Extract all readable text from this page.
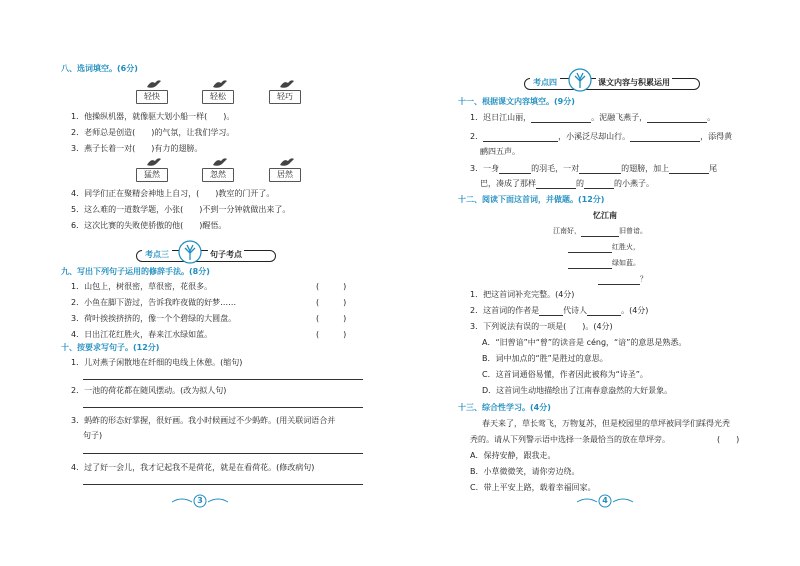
八、选词填空。(6分)
轻快	轻松	轻巧
1．他操纵机器，就像驱大划小船一样(　　)。
2．老师总是创造(　　)的气氛，让我们学习。
3．燕子长着一对(　　)有力的翅膀。
猛然	忽然	居然
4．同学们正在聚精会神地上自习，(　　)教室的门开了。
5．这么难的一道数学题，小张(　　)不到一分钟就做出来了。
6．这次比赛的失败使骄傲的他(　　)醒悟。
考点三	句子考点
九、写出下列句子运用的修辞手法。(8分)
1．山包上，树很密，草很密，花很多。	(　　　)
2．小鱼在脚下游过，告诉我昨夜做的好梦……	(　　　)
3．荷叶挨挨挤挤的，像一个个碧绿的大圆盘。	(　　　)
4．日出江花红胜火，春来江水绿如蓝。	(　　　)
十、按要求写句子。(12分)
1．儿对燕子闲散地在纤细的电线上休憩。(缩句)
2．一池的荷花都在随风摆动。(改为拟人句)
3．蚂蚱的形态好掌握，很好画。我小时候画过不少蚂蚱。(用关联词语合并
句子)
4．过了好一会儿，我才记起我不是荷花，就是在看荷花。(修改病句)
3
考点四	课文内容与积累运用
十一、根据课文内容填空。(9分)
1．迟日江山丽，	。泥融飞燕子，	。
2．	，小溪泛尽却山行。	，添得黄
鹂四五声。
3．一身	的羽毛，一对	的翅膀，加上	尾
巴，凑成了那样	的	的小燕子。
十二、阅读下面这首词，并做题。(12分)
忆江南
江南好，	旧曾谙。
红胜火，
绿如蓝。
？
1．把这首词补充完整。(4分)
2．这首词的作者是	代诗人	。(4分)
3．下列说法有误的一项是(　　)。(4分)
A．“旧曾谙”中“曾”的读音是 cénɡ，“谙”的意思是熟悉。
B．词中加点的“胜”是胜过的意思。
C．这首词通俗易懂，作者因此被称为“诗圣”。
D．这首词生动地描绘出了江南春意盎然的大好景象。
十三、综合性学习。(4分)
春天来了，草长莺飞，万物复苏，但是校园里的草坪被同学们踩得光秃
秃的。请从下列警示语中选择一条最恰当的放在草坪旁。	(　　)
A．保持安静，跟我走。
B．小草微微笑，请你旁边绕。
C．带上平安上路，载着幸福回家。
4
